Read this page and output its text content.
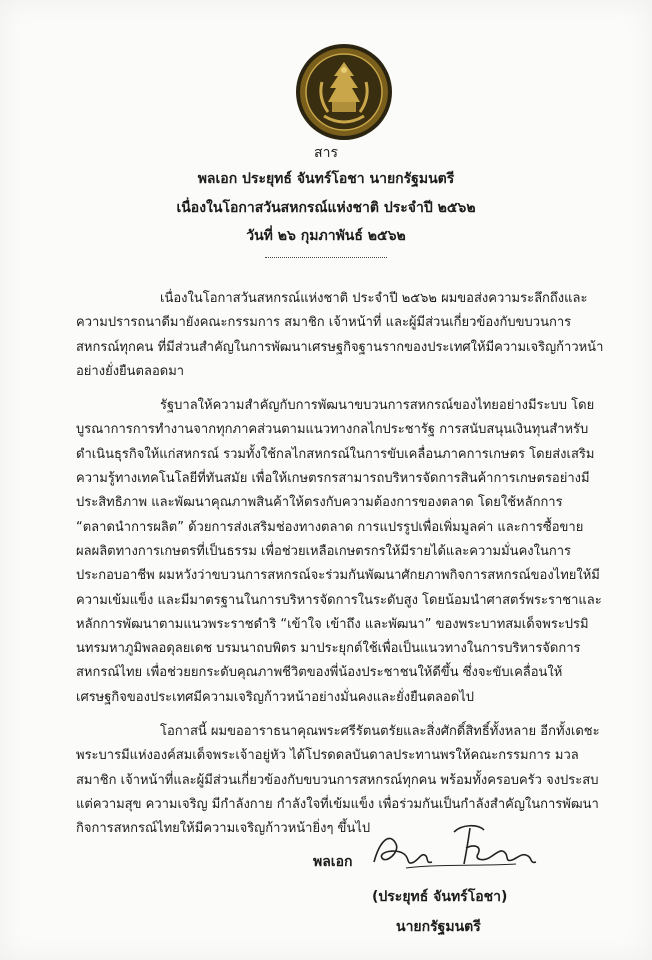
สาร
พลเอก ประยุทธ์ จันทร์โอชา นายกรัฐมนตรี
เนื่องในโอกาสวันสหกรณ์แห่งชาติ ประจำปี ๒๕๖๒
วันที่ ๒๖ กุมภาพันธ์ ๒๕๖๒

เนื่องในโอกาสวันสหกรณ์แห่งชาติ ประจำปี ๒๕๖๒ ผมขอส่งความระลึกถึงและความปรารถนาดีมายังคณะกรรมการ สมาชิก เจ้าหน้าที่ และผู้มีส่วนเกี่ยวข้องกับขบวนการสหกรณ์ทุกคน ที่มีส่วนสำคัญในการพัฒนาเศรษฐกิจฐานรากของประเทศให้มีความเจริญก้าวหน้าอย่างยั่งยืนตลอดมา

รัฐบาลให้ความสำคัญกับการพัฒนาขบวนการสหกรณ์ของไทยอย่างมีระบบ โดยบูรณาการการทำงานจากทุกภาคส่วนตามแนวทางกลไกประชารัฐ การสนับสนุนเงินทุนสำหรับดำเนินธุรกิจให้แก่สหกรณ์ รวมทั้งใช้กลไกสหกรณ์ในการขับเคลื่อนภาคการเกษตร โดยส่งเสริมความรู้ทางเทคโนโลยีที่ทันสมัย เพื่อให้เกษตรกรสามารถบริหารจัดการสินค้าการเกษตรอย่างมีประสิทธิภาพ และพัฒนาคุณภาพสินค้าให้ตรงกับความต้องการของตลาด โดยใช้หลักการ “ตลาดนำการผลิต” ด้วยการส่งเสริมช่องทางตลาด การแปรรูปเพื่อเพิ่มมูลค่า และการซื้อขายผลผลิตทางการเกษตรที่เป็นธรรม เพื่อช่วยเหลือเกษตรกรให้มีรายได้และความมั่นคงในการประกอบอาชีพ ผมหวังว่าขบวนการสหกรณ์จะร่วมกันพัฒนาศักยภาพกิจการสหกรณ์ของไทยให้มีความเข้มแข็ง และมีมาตรฐานในการบริหารจัดการในระดับสูง โดยน้อมนำศาสตร์พระราชาและหลักการพัฒนาตามแนวพระราชดำริ “เข้าใจ เข้าถึง และพัฒนา” ของพระบาทสมเด็จพระปรมินทรมหาภูมิพลอดุลยเดช บรมนาถบพิตร มาประยุกต์ใช้เพื่อเป็นแนวทางในการบริหารจัดการสหกรณ์ไทย เพื่อช่วยยกระดับคุณภาพชีวิตของพี่น้องประชาชนให้ดีขึ้น ซึ่งจะขับเคลื่อนให้เศรษฐกิจของประเทศมีความเจริญก้าวหน้าอย่างมั่นคงและยั่งยืนตลอดไป

โอกาสนี้ ผมขออาราธนาคุณพระศรีรัตนตรัยและสิ่งศักดิ์สิทธิ์ทั้งหลาย อีกทั้งเดชะพระบารมีแห่งองค์สมเด็จพระเจ้าอยู่หัว ได้โปรดดลบันดาลประทานพรให้คณะกรรมการ มวลสมาชิก เจ้าหน้าที่และผู้มีส่วนเกี่ยวข้องกับขบวนการสหกรณ์ทุกคน พร้อมทั้งครอบครัว จงประสบแต่ความสุข ความเจริญ มีกำลังกาย กำลังใจที่เข้มแข็ง เพื่อร่วมกันเป็นกำลังสำคัญในการพัฒนากิจการสหกรณ์ไทยให้มีความเจริญก้าวหน้ายิ่งๆ ขึ้นไป

พลเอก
(ประยุทธ์ จันทร์โอชา)
นายกรัฐมนตรี
